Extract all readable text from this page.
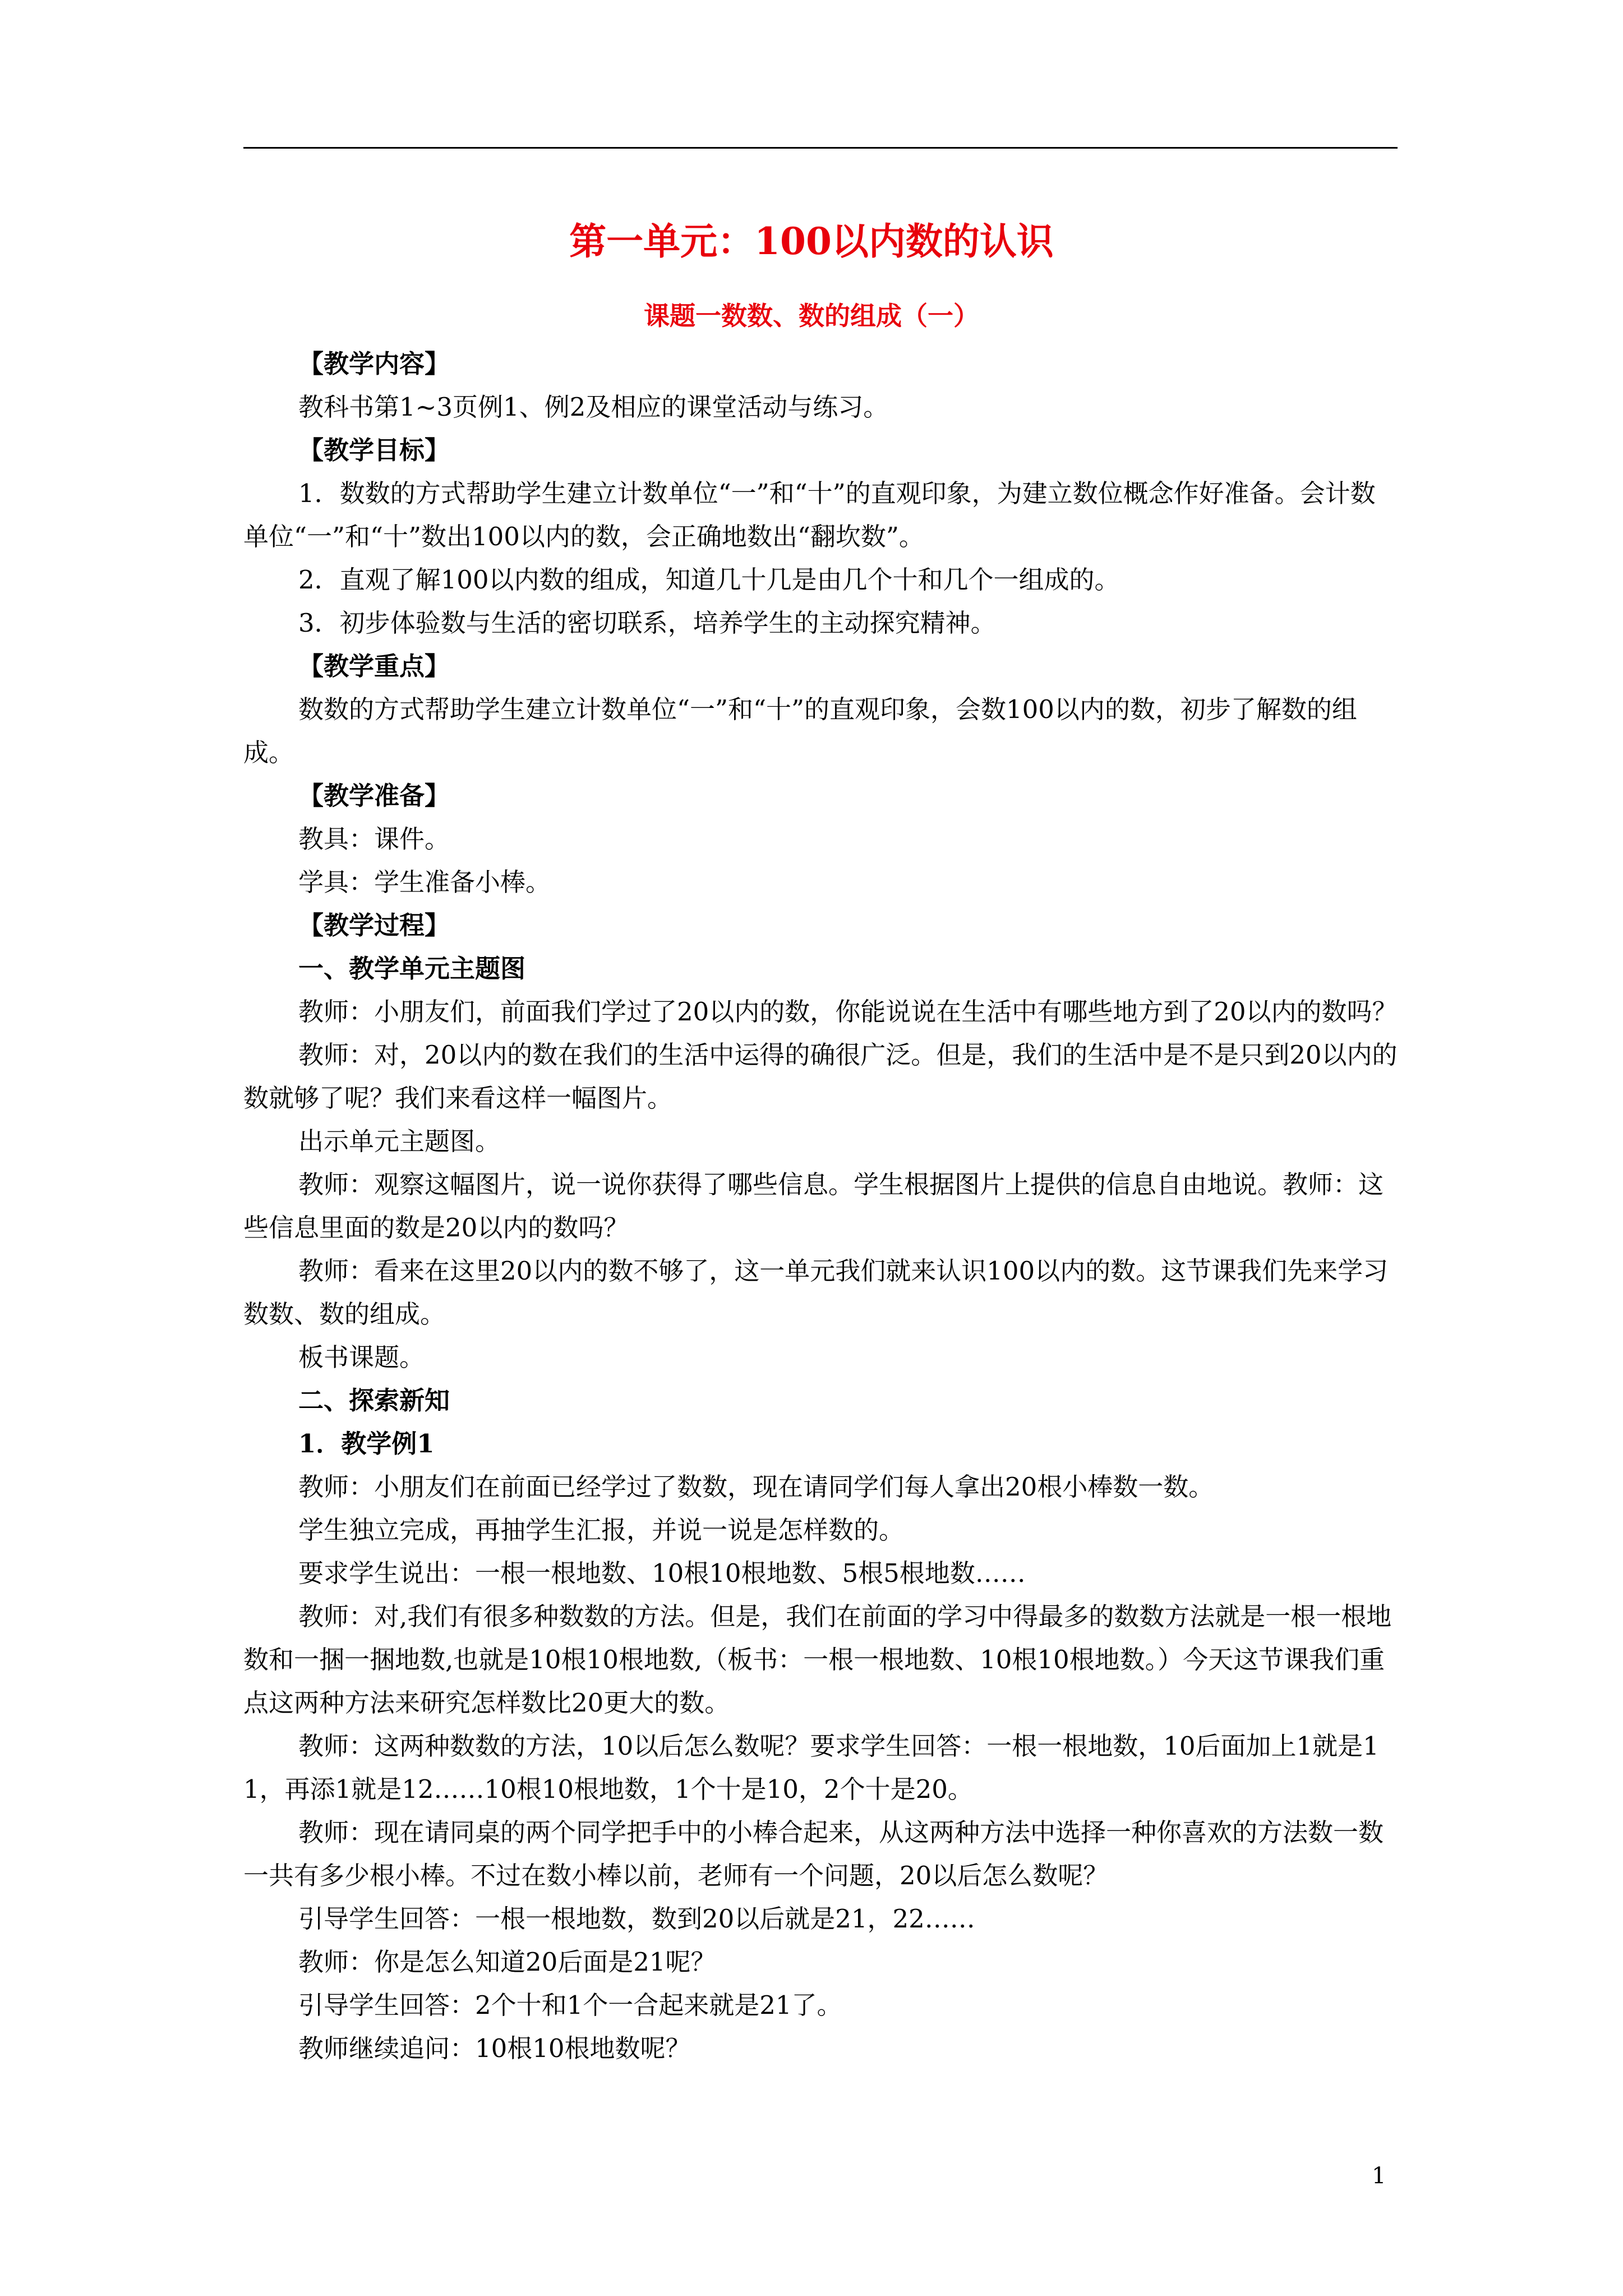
第一单元：100以内数的认识
课题一数数、数的组成（一）

【教学内容】

教科书第1~3页例1、例2及相应的课堂活动与练习。

【教学目标】

1．数数的方式帮助学生建立计数单位“一”和“十”的直观印象，为建立数位概念作好准备。会计数单位“一”和“十”数出100以内的数，会正确地数出“翻坎数”。

2．直观了解100以内数的组成，知道几十几是由几个十和几个一组成的。

3．初步体验数与生活的密切联系，培养学生的主动探究精神。

【教学重点】

数数的方式帮助学生建立计数单位“一”和“十”的直观印象，会数100以内的数，初步了解数的组成。

【教学准备】

教具：课件。

学具：学生准备小棒。

【教学过程】

一、教学单元主题图

教师：小朋友们，前面我们学过了20以内的数，你能说说在生活中有哪些地方到了20以内的数吗？

教师：对，20以内的数在我们的生活中运得的确很广泛。但是，我们的生活中是不是只到20以内的数就够了呢？我们来看这样一幅图片。

出示单元主题图。

教师：观察这幅图片，说一说你获得了哪些信息。学生根据图片上提供的信息自由地说。教师：这些信息里面的数是20以内的数吗？

教师：看来在这里20以内的数不够了，这一单元我们就来认识100以内的数。这节课我们先来学习数数、数的组成。

板书课题。

二、探索新知

1．教学例1

教师：小朋友们在前面已经学过了数数，现在请同学们每人拿出20根小棒数一数。

学生独立完成，再抽学生汇报，并说一说是怎样数的。

要求学生说出：一根一根地数、10根10根地数、5根5根地数……

教师：对,我们有很多种数数的方法。但是，我们在前面的学习中得最多的数数方法就是一根一根地数和一捆一捆地数,也就是10根10根地数,（板书：一根一根地数、10根10根地数。）今天这节课我们重点这两种方法来研究怎样数比20更大的数。

教师：这两种数数的方法，10以后怎么数呢？要求学生回答：一根一根地数，10后面加上1就是11，再添1就是12……10根10根地数，1个十是10，2个十是20。

教师：现在请同桌的两个同学把手中的小棒合起来，从这两种方法中选择一种你喜欢的方法数一数一共有多少根小棒。不过在数小棒以前，老师有一个问题，20以后怎么数呢？

引导学生回答：一根一根地数，数到20以后就是21，22……

教师：你是怎么知道20后面是21呢？

引导学生回答：2个十和1个一合起来就是21了。

教师继续追问：10根10根地数呢？

1
